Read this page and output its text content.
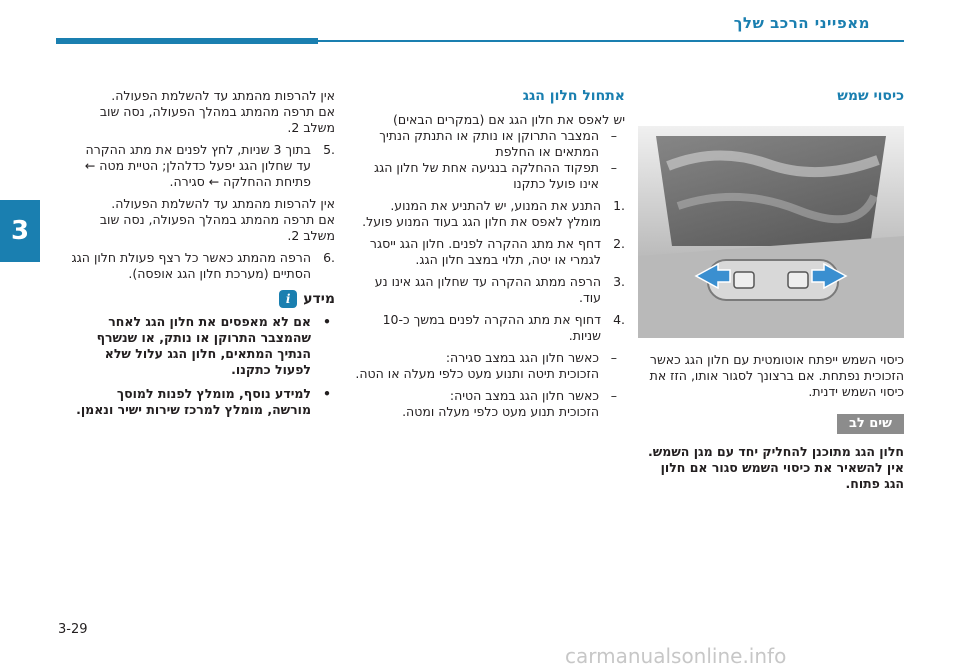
מאפייני הרכב שלך
3
כיסוי שמש

כיסוי השמש ייפתח אוטומטית עם חלון הגג כאשר הזכוכית נפתחת. אם ברצונך לסגור אותו, הזז את כיסוי השמש ידנית.

שים לב

חלון הגג מתוכנן להחליק יחד עם מגן השמש. אין להשאיר את כיסוי השמש סגור אם חלון הגג פתוח.

אתחול חלון הגג

יש לאפס את חלון הגג אם (במקרים הבאים)

–
המצבר התרוקן או נותק או התנתק הנתיך המתאים או החלפת
–
תפקוד ההחלקה בנגיעה אחת של חלון הגג אינו פועל כתקנו
1.
התנע את המנוע, יש להתניע את המנוע. מומלץ לאפס את חלון הגג בעוד המנוע פועל.
2.
דחף את מתג ההקרה לפנים. חלון הגג ייסגר לגמרי או יטה, תלוי במצב חלון הגג.
3.
הרפה ממתג ההקרה עד שחלון הגג אינו נע עוד.
4.
דחוף את מתג ההקרה לפנים במשך כ-10 שניות.
–
כאשר חלון הגג במצב סגירה:
הזכוכית תיטה ותנוע מעט כלפי מעלה או הטה.
–
כאשר חלון הגג במצב הטיה:
הזכוכית תנוע מעט כלפי מעלה ומטה.

אין להרפות מהמתג עד להשלמת הפעולה.

אם תרפה מהמתג במהלך הפעולה, נסה שוב משלב 2.

5.
בתוך 3 שניות, לחץ לפנים את מתג ההקרה עד שחלון הגג יפעל כדלהלן; הטיית מטה ← פתיחת ההחלקה ← סגירה.

אין להרפות מהמתג עד להשלמת הפעולה.

אם תרפה מהמתג במהלך הפעולה, נסה שוב משלב 2.

6.
הרפה מהמתג כאשר כל רצף פעולת חלון הגג הסתיים (מערכת חלון הגג אופסה).
מידע
i
•
אם לא מאפסים את חלון הגג לאחר שהמצבר התרוקן או נותק, או שנשרף הנתיך המתאים, חלון הגג עלול שלא לפעול כתקנו.
•
למידע נוסף, מומלץ לפנות למוסך מורשה, מומלץ למרכז שירות ישיר ונאמן.
3-29
carmanualsonline.info
